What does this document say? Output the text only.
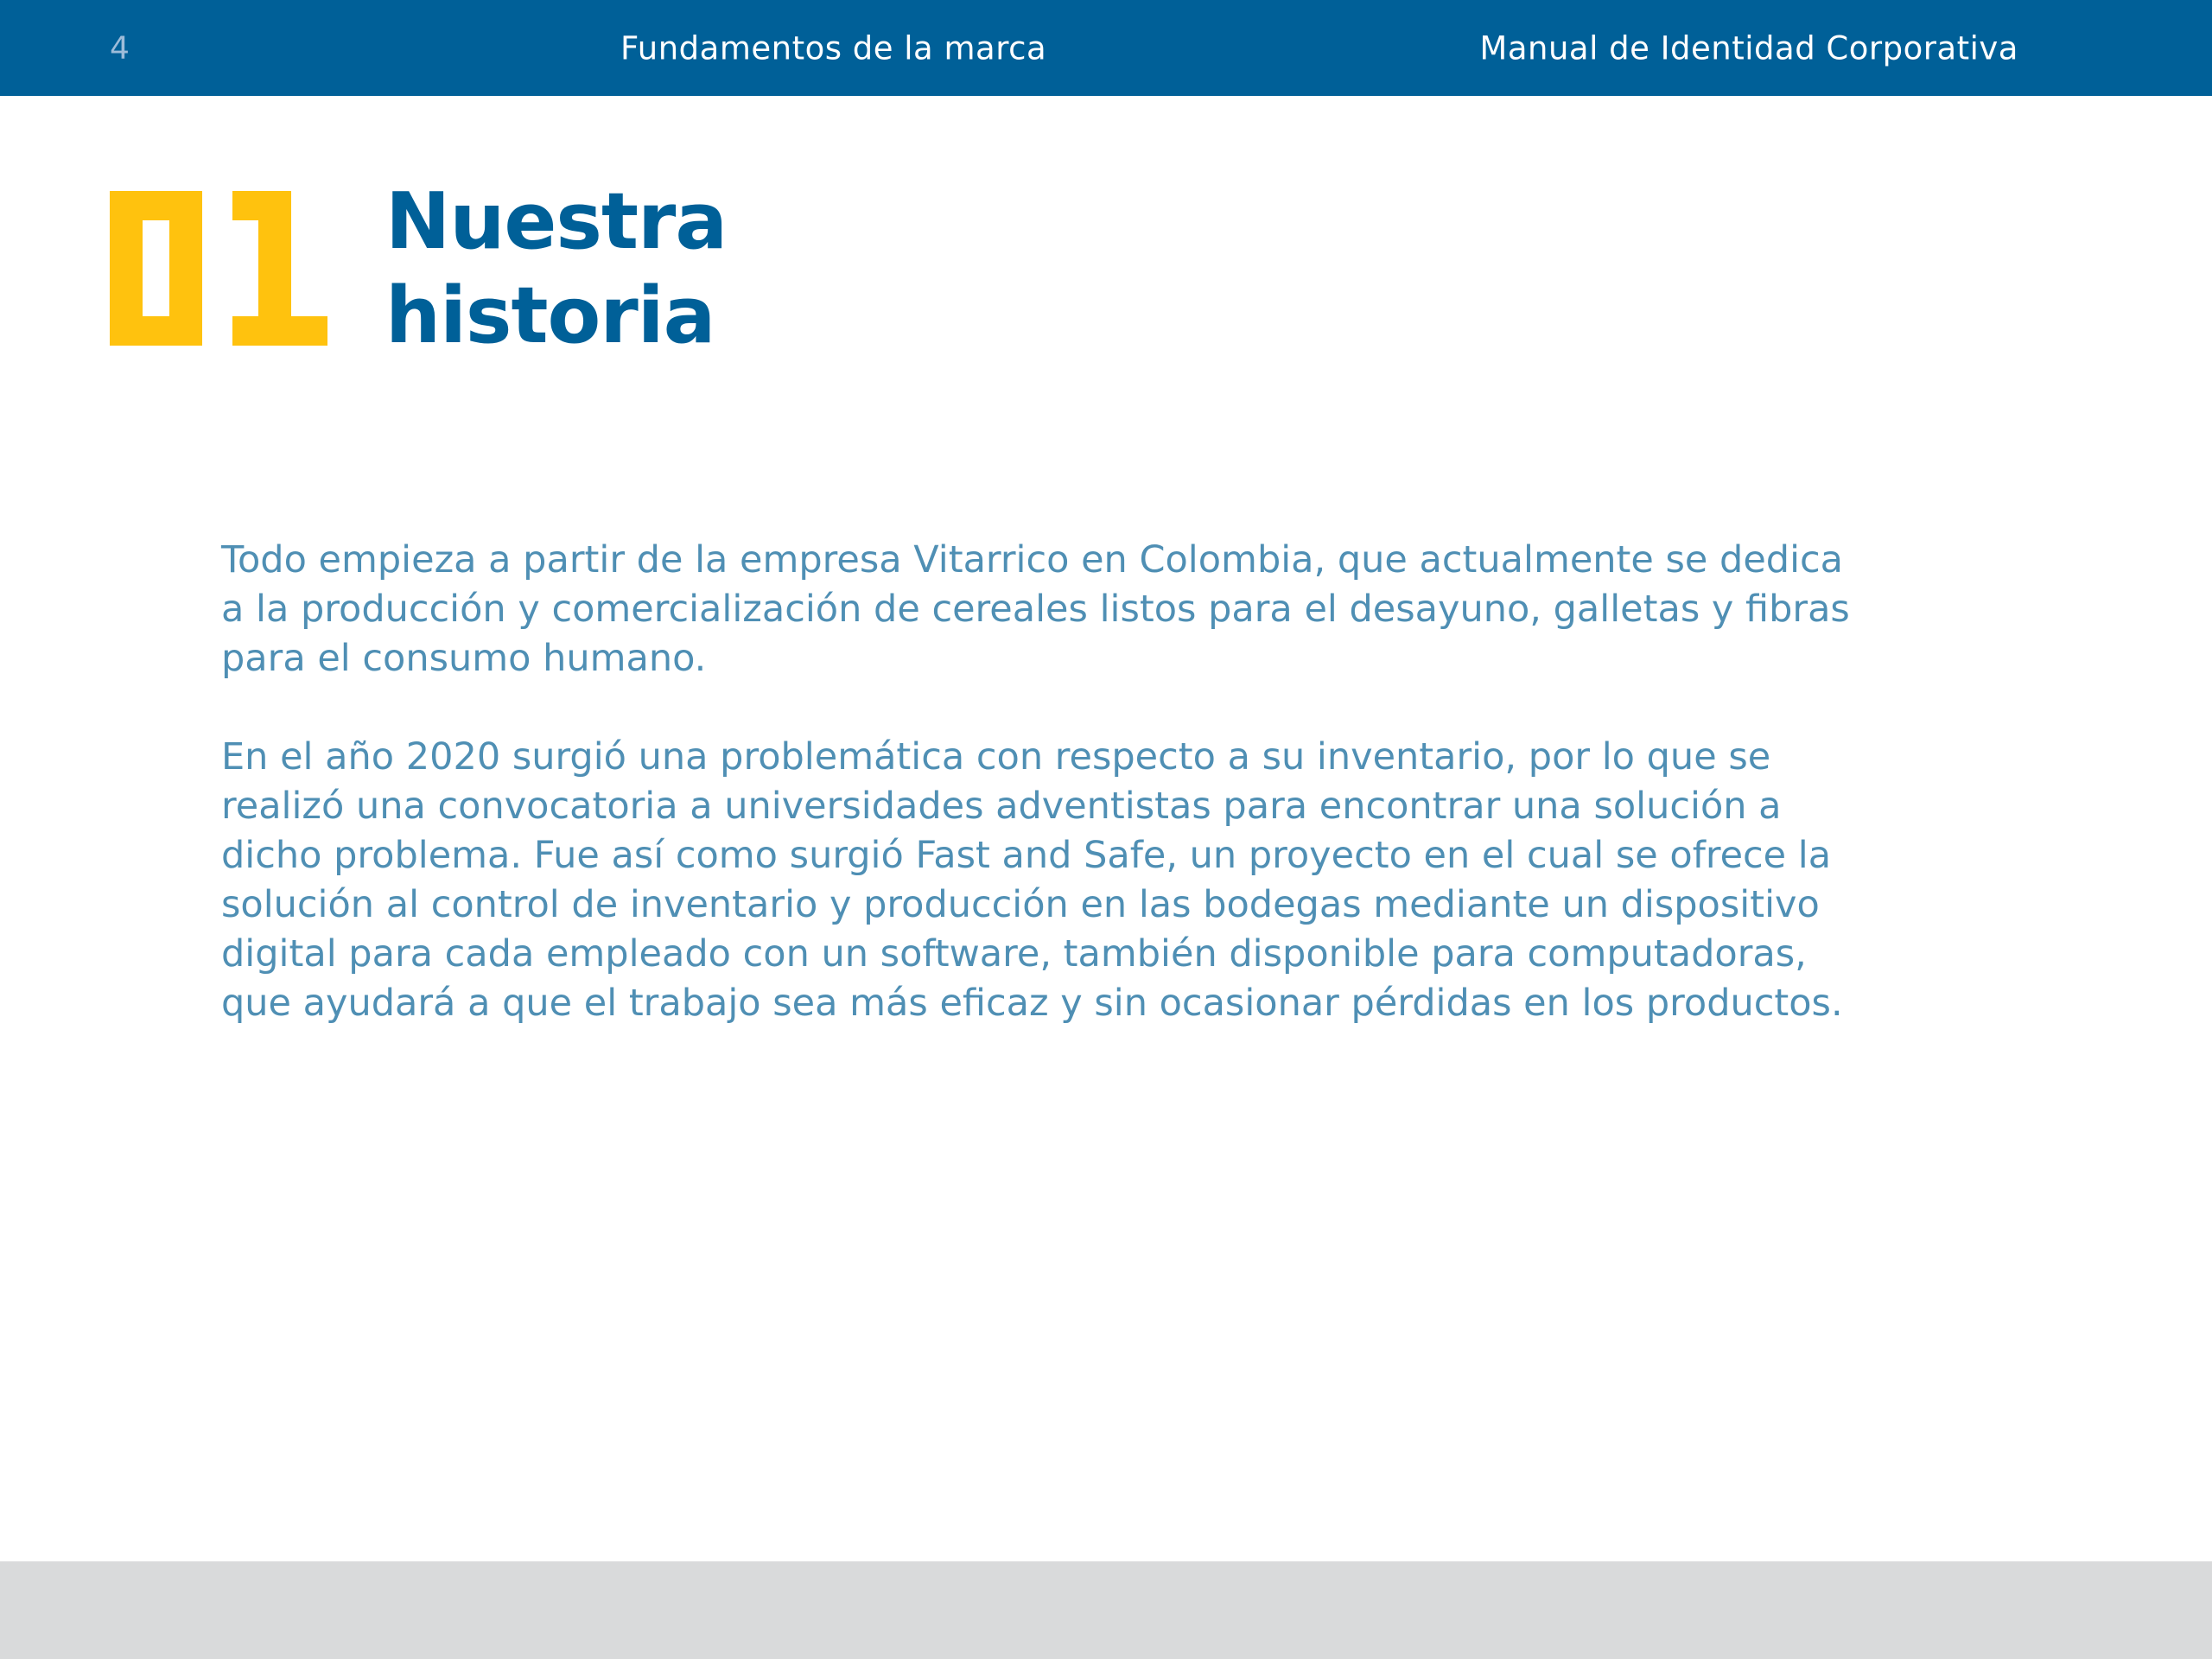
4	Fundamentos de la marca	Manual de Identidad Corporativa
Nuestra
historia

Todo empieza a partir de la empresa Vitarrico en Colombia, que actualmente se dedica
a la producción y comercialización de cereales listos para el desayuno, galletas y fibras
para el consumo humano.

En el año 2020 surgió una problemática con respecto a su inventario, por lo que se
realizó una convocatoria a universidades adventistas para encontrar una solución a
dicho problema. Fue así como surgió Fast and Safe, un proyecto en el cual se ofrece la
solución al control de inventario y producción en las bodegas mediante un dispositivo
digital para cada empleado con un software, también disponible para computadoras,
que ayudará a que el trabajo sea más eficaz y sin ocasionar pérdidas en los productos.
